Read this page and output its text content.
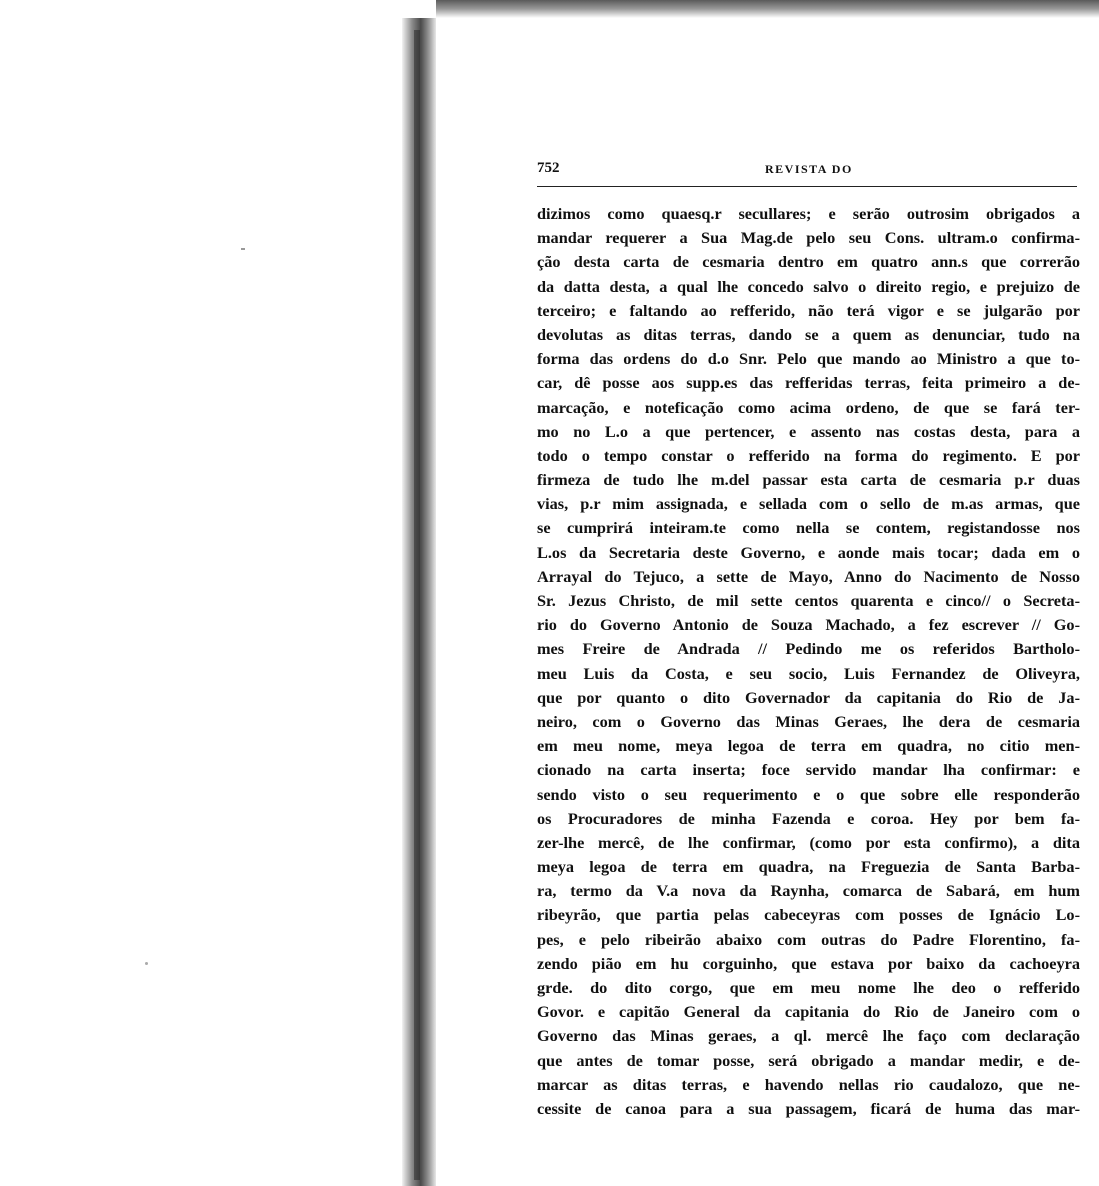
752	REVISTA DO
dizimos como quaesq.r secullares; e serão outrosim obrigados a
mandar requerer a Sua Mag.de pelo seu Cons. ultram.o confirma-
ção desta carta de cesmaria dentro em quatro ann.s que correrão
da datta desta, a qual lhe concedo salvo o direito regio, e prejuizo de
terceiro; e faltando ao refferido, não terá vigor e se julgarão por
devolutas as ditas terras, dando se a quem as denunciar, tudo na
forma das ordens do d.o Snr. Pelo que mando ao Ministro a que to-
car, dê posse aos supp.es das refferidas terras, feita primeiro a de-
marcação, e noteficação como acima ordeno, de que se fará ter-
mo no L.o a que pertencer, e assento nas costas desta, para a
todo o tempo constar o refferido na forma do regimento. E por
firmeza de tudo lhe m.del passar esta carta de cesmaria p.r duas
vias, p.r mim assignada, e sellada com o sello de m.as armas, que
se cumprirá inteiram.te como nella se contem, registandosse nos
L.os da Secretaria deste Governo, e aonde mais tocar; dada em o
Arrayal do Tejuco, a sette de Mayo, Anno do Nacimento de Nosso
Sr. Jezus Christo, de mil sette centos quarenta e cinco// o Secreta-
rio do Governo Antonio de Souza Machado, a fez escrever // Go-
mes Freire de Andrada // Pedindo me os referidos Bartholo-
meu Luis da Costa, e seu socio, Luis Fernandez de Oliveyra,
que por quanto o dito Governador da capitania do Rio de Ja-
neiro, com o Governo das Minas Geraes, lhe dera de cesmaria
em meu nome, meya legoa de terra em quadra, no citio men-
cionado na carta inserta; foce servido mandar lha confirmar: e
sendo visto o seu requerimento e o que sobre elle responderão
os Procuradores de minha Fazenda e coroa. Hey por bem fa-
zer-lhe mercê, de lhe confirmar, (como por esta confirmo), a dita
meya legoa de terra em quadra, na Freguezia de Santa Barba-
ra, termo da V.a nova da Raynha, comarca de Sabará, em hum
ribeyrão, que partia pelas cabeceyras com posses de Ignácio Lo-
pes, e pelo ribeirão abaixo com outras do Padre Florentino, fa-
zendo pião em hu corguinho, que estava por baixo da cachoeyra
grde. do dito corgo, que em meu nome lhe deo o refferido
Govor. e capitão General da capitania do Rio de Janeiro com o
Governo das Minas geraes, a ql. mercê lhe faço com declaração
que antes de tomar posse, será obrigado a mandar medir, e de-
marcar as ditas terras, e havendo nellas rio caudalozo, que ne-
cessite de canoa para a sua passagem, ficará de huma das mar-
